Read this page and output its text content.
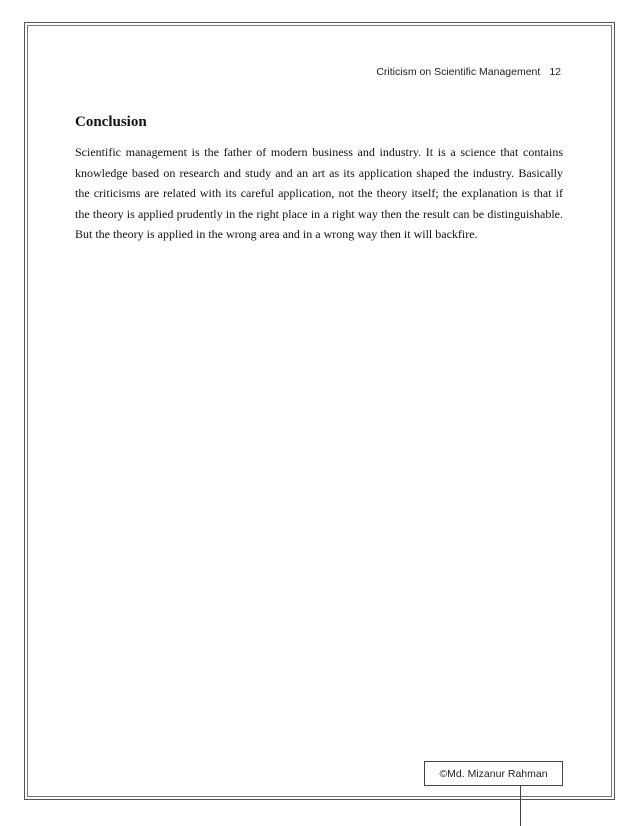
Criticism on Scientific Management 12
Conclusion

Scientific management is the father of modern business and industry. It is a science that contains knowledge based on research and study and an art as its application shaped the industry. Basically the criticisms are related with its careful application, not the theory itself; the explanation is that if the theory is applied prudently in the right place in a right way then the result can be distinguishable. But the theory is applied in the wrong area and in a wrong way then it will backfire.

©Md. Mizanur Rahman
